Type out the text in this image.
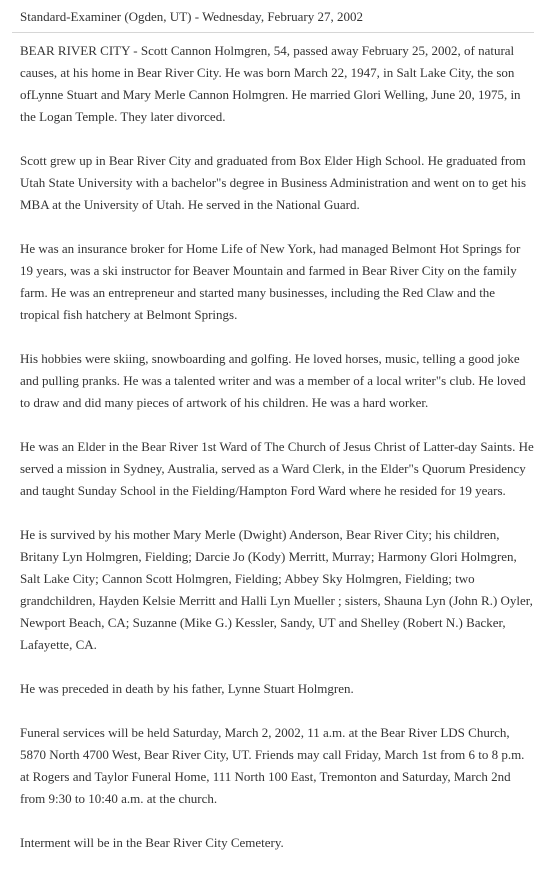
Standard-Examiner (Ogden, UT) - Wednesday, February 27, 2002

BEAR RIVER CITY - Scott Cannon Holmgren, 54, passed away February 25, 2002, of natural causes, at his home in Bear River City. He was born March 22, 1947, in Salt Lake City, the son ofLynne Stuart and Mary Merle Cannon Holmgren. He married Glori Welling, June 20, 1975, in the Logan Temple. They later divorced.

Scott grew up in Bear River City and graduated from Box Elder High School. He graduated from Utah State University with a bachelor"s degree in Business Administration and went on to get his MBA at the University of Utah. He served in the National Guard.

He was an insurance broker for Home Life of New York, had managed Belmont Hot Springs for 19 years, was a ski instructor for Beaver Mountain and farmed in Bear River City on the family farm. He was an entrepreneur and started many businesses, including the Red Claw and the tropical fish hatchery at Belmont Springs.

His hobbies were skiing, snowboarding and golfing. He loved horses, music, telling a good joke and pulling pranks. He was a talented writer and was a member of a local writer"s club. He loved to draw and did many pieces of artwork of his children. He was a hard worker.

He was an Elder in the Bear River 1st Ward of The Church of Jesus Christ of Latter-day Saints. He served a mission in Sydney, Australia, served as a Ward Clerk, in the Elder"s Quorum Presidency and taught Sunday School in the Fielding/Hampton Ford Ward where he resided for 19 years.

He is survived by his mother Mary Merle (Dwight) Anderson, Bear River City; his children, Britany Lyn Holmgren, Fielding; Darcie Jo (Kody) Merritt, Murray; Harmony Glori Holmgren, Salt Lake City; Cannon Scott Holmgren, Fielding; Abbey Sky Holmgren, Fielding; two grandchildren, Hayden Kelsie Merritt and Halli Lyn Mueller ; sisters, Shauna Lyn (John R.) Oyler, Newport Beach, CA; Suzanne (Mike G.) Kessler, Sandy, UT and Shelley (Robert N.) Backer, Lafayette, CA.

He was preceded in death by his father, Lynne Stuart Holmgren.

Funeral services will be held Saturday, March 2, 2002, 11 a.m. at the Bear River LDS Church, 5870 North 4700 West, Bear River City, UT. Friends may call Friday, March 1st from 6 to 8 p.m. at Rogers and Taylor Funeral Home, 111 North 100 East, Tremonton and Saturday, March 2nd from 9:30 to 10:40 a.m. at the church.

Interment will be in the Bear River City Cemetery.
